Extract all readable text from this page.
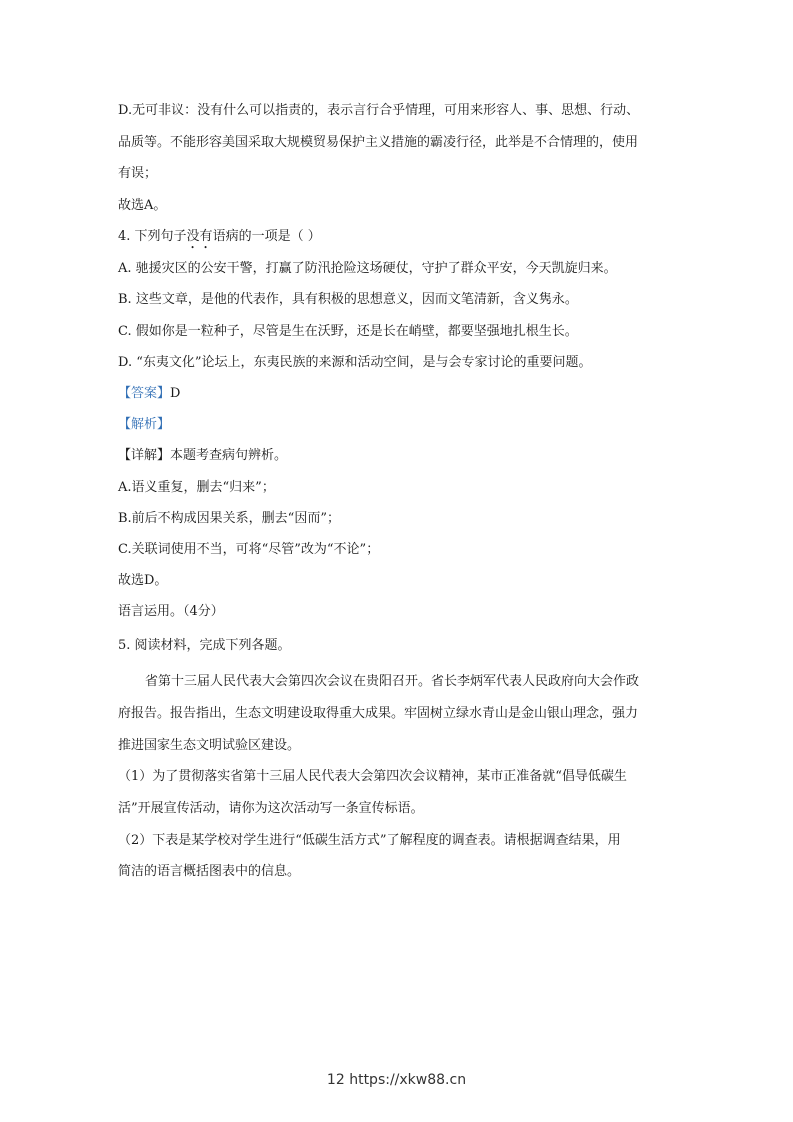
D.无可非议：没有什么可以指责的，表示言行合乎情理，可用来形容人、事、思想、行动、
品质等。不能形容美国采取大规模贸易保护主义措施的霸凌行径，此举是不合情理的，使用
有误；
故选A。
4. 下列句子没有语病的一项是（ ）
A. 驰援灾区的公安干警，打赢了防汛抢险这场硬仗，守护了群众平安，今天凯旋归来。
B. 这些文章，是他的代表作，具有积极的思想意义，因而文笔清新，含义隽永。
C. 假如你是一粒种子，尽管是生在沃野，还是长在峭壁，都要坚强地扎根生长。
D. “东夷文化”论坛上，东夷民族的来源和活动空间，是与会专家讨论的重要问题。
【答案】D
【解析】
【详解】本题考查病句辨析。
A.语义重复，删去“归来”；
B.前后不构成因果关系，删去“因而”；
C.关联词使用不当，可将“尽管”改为“不论”；
故选D。
语言运用。（4分）
5. 阅读材料，完成下列各题。
省第十三届人民代表大会第四次会议在贵阳召开。省长李炳军代表人民政府向大会作政
府报告。报告指出，生态文明建设取得重大成果。牢固树立绿水青山是金山银山理念，强力
推进国家生态文明试验区建设。
（1）为了贯彻落实省第十三届人民代表大会第四次会议精神，某市正准备就“倡导低碳生
活”开展宣传活动，请你为这次活动写一条宣传标语。
（2）下表是某学校对学生进行“低碳生活方式”了解程度的调查表。请根据调查结果，用
简洁的语言概括图表中的信息。
12 https://xkw88.cn
